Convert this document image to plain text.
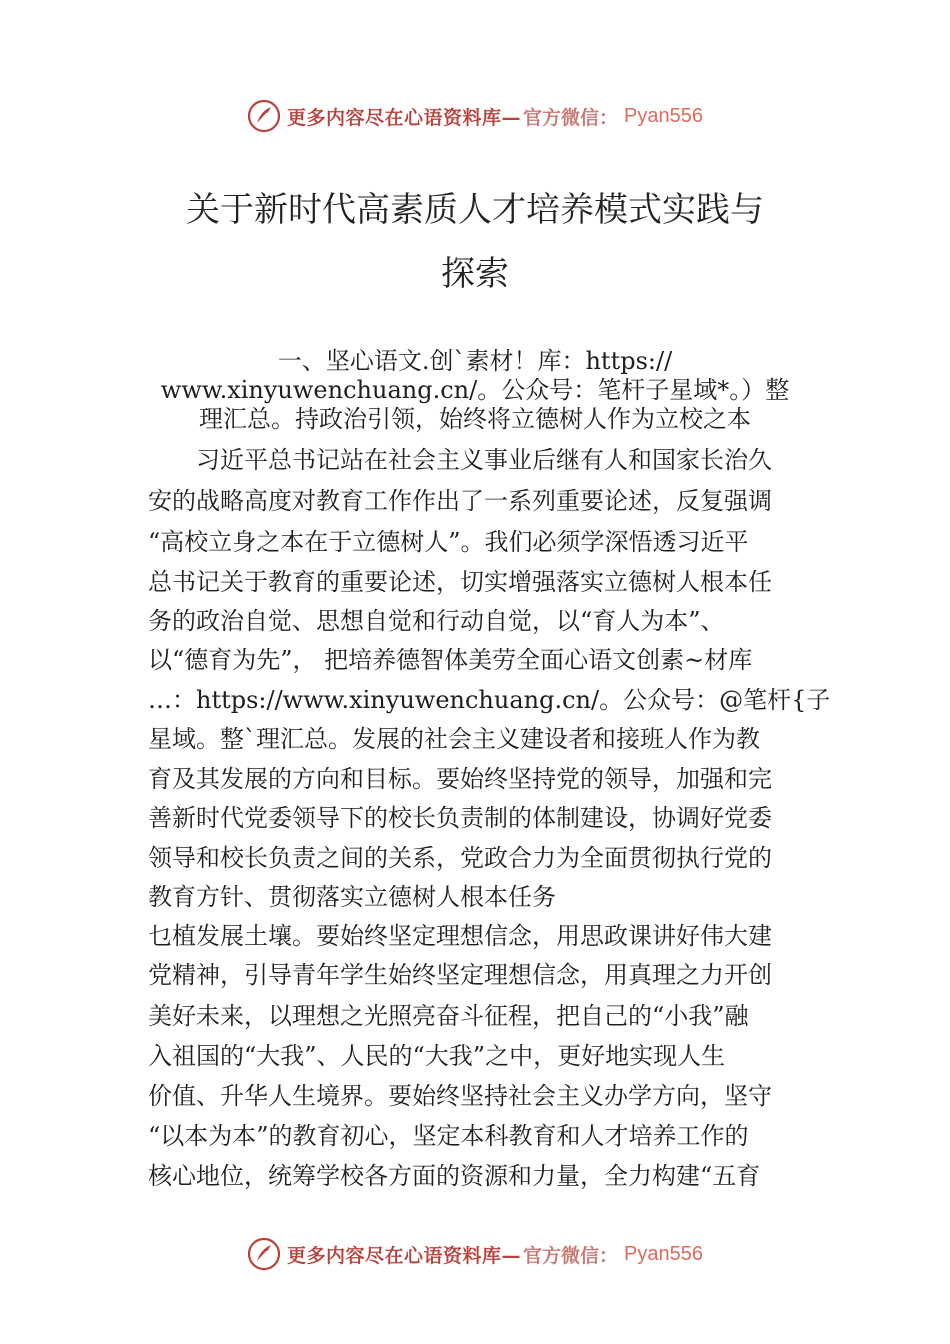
更多内容尽在心语资料库— 官方微信： Pyan556
关于新时代高素质人才培养模式实践与
探索
一、坚心语文.创`素材！库：https://
www.xinyuwenchuang.cn/。公众号：笔杆子星域*。）整
理汇总。持政治引领，始终将立德树人作为立校之本
习近平总书记站在社会主义事业后继有人和国家长治久
安的战略高度对教育工作作出了一系列重要论述，反复强调
“高校立身之本在于立德树人”。我们必须学深悟透习近平
总书记关于教育的重要论述，切实增强落实立德树人根本任
务的政治自觉、思想自觉和行动自觉，以“育人为本”、
以“德育为先”， 把培养德智体美劳全面心语文创素~材库
…：https://www.xinyuwenchuang.cn/。公众号：@笔杆{子
星域。整`理汇总。发展的社会主义建设者和接班人作为教
育及其发展的方向和目标。要始终坚持党的领导，加强和完
善新时代党委领导下的校长负责制的体制建设，协调好党委
领导和校长负责之间的关系，党政合力为全面贯彻执行党的
教育方针、贯彻落实立德树人根本任务
乜植发展土壤。要始终坚定理想信念，用思政课讲好伟大建
党精神，引导青年学生始终坚定理想信念，用真理之力开创
美好未来，以理想之光照亮奋斗征程，把自己的“小我”融
入祖国的“大我”、人民的“大我”之中，更好地实现人生
价值、升华人生境界。要始终坚持社会主义办学方向，坚守
“以本为本”的教育初心，坚定本科教育和人才培养工作的
核心地位，统筹学校各方面的资源和力量，全力构建“五育
更多内容尽在心语资料库— 官方微信： Pyan556
